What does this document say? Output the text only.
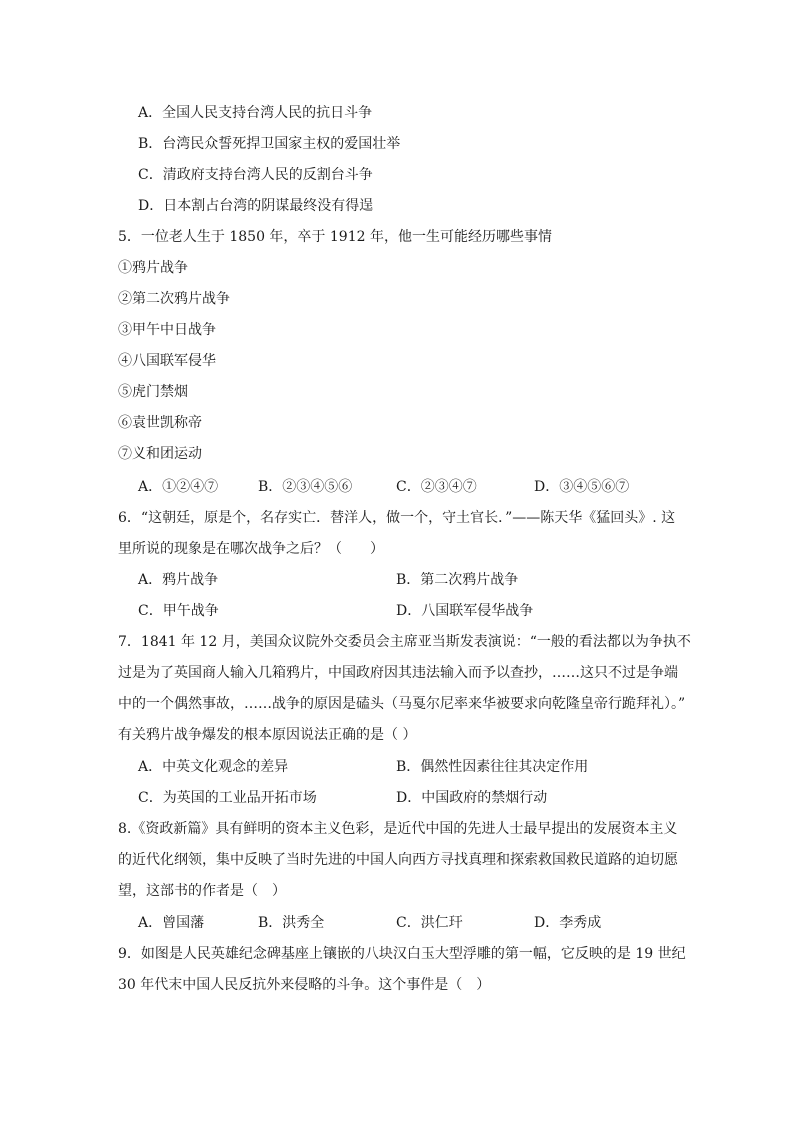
A．全国人民支持台湾人民的抗日斗争
B．台湾民众誓死捍卫国家主权的爱国壮举
C．清政府支持台湾人民的反割台斗争
D．日本割占台湾的阴谋最终没有得逞
5．一位老人生于 1850 年，卒于 1912 年，他一生可能经历哪些事情
①鸦片战争
②第二次鸦片战争
③甲午中日战争
④八国联军侵华
⑤虎门禁烟
⑥袁世凯称帝
⑦义和团运动
A．①②④⑦	B．②③④⑤⑥	C．②③④⑦	D．③④⑤⑥⑦
6．“这朝廷，原是个，名存实亡．替洋人，做一个，守土官长．”——陈天华《猛回头》. 这
里所说的现象是在哪次战争之后？（　　）
A．鸦片战争	B．第二次鸦片战争
C．甲午战争	D．八国联军侵华战争
7．1841 年 12 月，美国众议院外交委员会主席亚当斯发表演说：“一般的看法都以为争执不
过是为了英国商人输入几箱鸦片，中国政府因其违法输入而予以查抄，……这只不过是争端
中的一个偶然事故，……战争的原因是磕头（马戛尔尼率来华被要求向乾隆皇帝行跪拜礼）。”
有关鸦片战争爆发的根本原因说法正确的是（ ）
A．中英文化观念的差异	B．偶然性因素往往其决定作用
C．为英国的工业品开拓市场	D．中国政府的禁烟行动
8.《资政新篇》具有鲜明的资本主义色彩，是近代中国的先进人士最早提出的发展资本主义
的近代化纲领，集中反映了当时先进的中国人向西方寻找真理和探索救国救民道路的迫切愿
望，这部书的作者是（　）
A．曾国藩	B．洪秀全	C．洪仁玕	D．李秀成
9．如图是人民英雄纪念碑基座上镶嵌的八块汉白玉大型浮雕的第一幅，它反映的是 19 世纪
30 年代末中国人民反抗外来侵略的斗争。这个事件是（　）
